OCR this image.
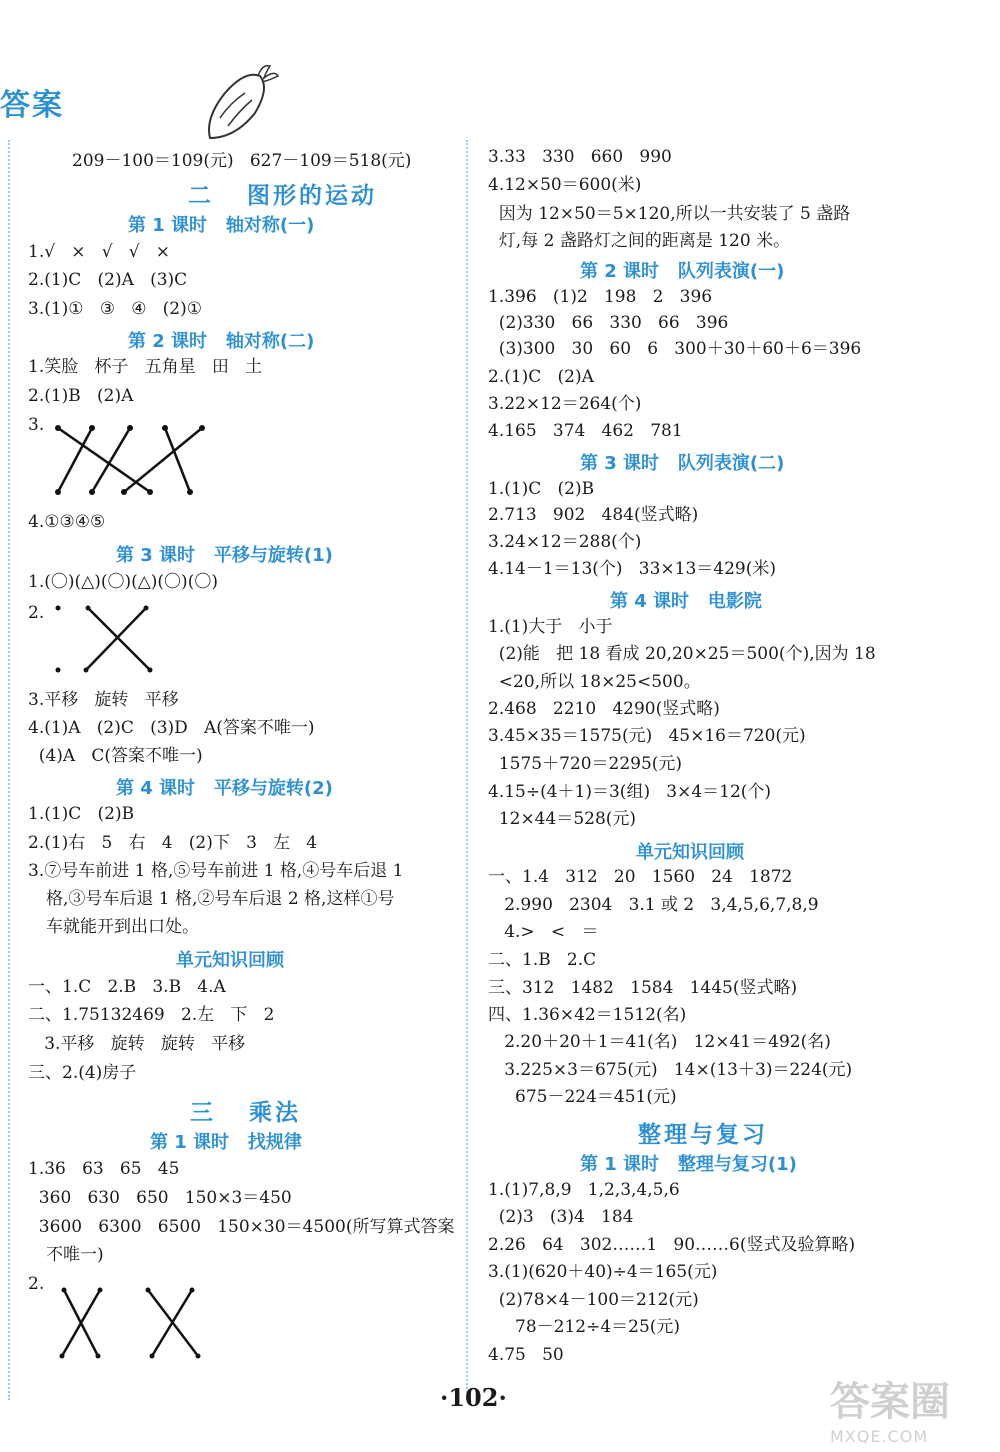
答案
209－100＝109(元)   627－109＝518(元)
二   图形的运动
第 1 课时   轴对称(一)
1.√   ×   √   √   ×
2.(1)C   (2)A   (3)C
3.(1)①   ③   ④   (2)①
第 2 课时   轴对称(二)
1.笑脸   杯子   五角星   田   土
2.(1)B   (2)A
3.
4.①③④⑤
第 3 课时   平移与旋转(1)
1.(〇)(△)(〇)(△)(〇)(〇)
2.
3.平移   旋转   平移
4.(1)A   (2)C   (3)D   A(答案不唯一)
(4)A   C(答案不唯一)
第 4 课时   平移与旋转(2)
1.(1)C   (2)B
2.(1)右   5   右   4   (2)下   3   左   4
3.⑦号车前进 1 格,⑤号车前进 1 格,④号车后退 1
格,③号车后退 1 格,②号车后退 2 格,这样①号
车就能开到出口处。
单元知识回顾
一、1.C   2.B   3.B   4.A
二、1.75132469   2.左   下   2
3.平移   旋转   旋转   平移
三、2.(4)房子
三   乘法
第 1 课时   找规律
1.36   63   65   45
360   630   650   150×3＝450
3600   6300   6500   150×30＝4500(所写算式答案
不唯一)
2.
3.33   330   660   990
4.12×50＝600(米)
因为 12×50＝5×120,所以一共安装了 5 盏路
灯,每 2 盏路灯之间的距离是 120 米。
第 2 课时   队列表演(一)
1.396   (1)2   198   2   396
(2)330   66   330   66   396
(3)300   30   60   6   300＋30＋60＋6＝396
2.(1)C   (2)A
3.22×12＝264(个)
4.165   374   462   781
第 3 课时   队列表演(二)
1.(1)C   (2)B
2.713   902   484(竖式略)
3.24×12＝288(个)
4.14－1＝13(个)   33×13＝429(米)
第 4 课时   电影院
1.(1)大于   小于
(2)能   把 18 看成 20,20×25＝500(个),因为 18
<20,所以 18×25<500。
2.468   2210   4290(竖式略)
3.45×35＝1575(元)   45×16＝720(元)
1575＋720＝2295(元)
4.15÷(4＋1)＝3(组)   3×4＝12(个)
12×44＝528(元)
单元知识回顾
一、1.4   312   20   1560   24   1872
2.990   2304   3.1 或 2   3,4,5,6,7,8,9
4.>   <   ＝
二、1.B   2.C
三、312   1482   1584   1445(竖式略)
四、1.36×42＝1512(名)
2.20＋20＋1＝41(名)   12×41＝492(名)
3.225×3＝675(元)   14×(13＋3)＝224(元)
675－224＝451(元)
整理与复习
第 1 课时   整理与复习(1)
1.(1)7,8,9   1,2,3,4,5,6
(2)3   (3)4   184
2.26   64   302……1   90……6(竖式及验算略)
3.(1)(620＋40)÷4＝165(元)
(2)78×4－100＝212(元)
78－212÷4＝25(元)
4.75   50
·102·	答案圈
MXQE.COM
